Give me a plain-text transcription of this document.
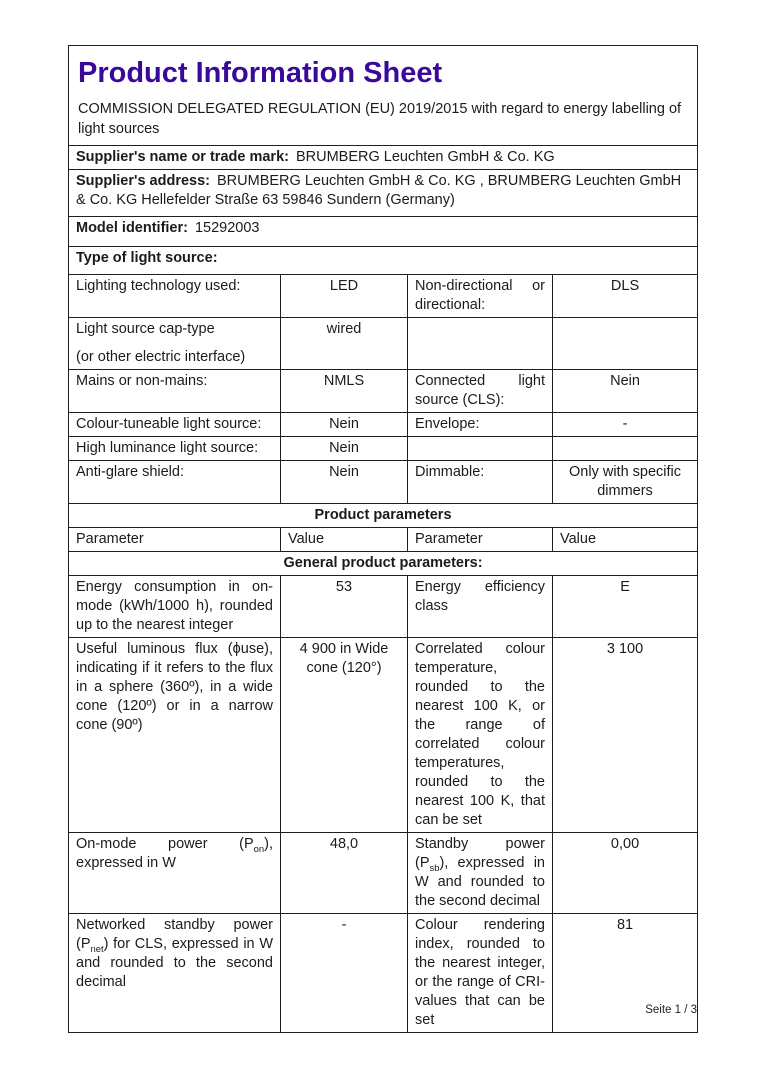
Product Information Sheet
COMMISSION DELEGATED REGULATION (EU) 2019/2015 with regard to energy labelling of light sources			

Supplier's name or trade mark: BRUMBERG Leuchten GmbH & Co. KG			
Supplier's address: BRUMBERG Leuchten GmbH & Co. KG , BRUMBERG Leuchten GmbH & Co. KG Hellefelder Straße 63 59846 Sundern (Germany)			
Model identifier: 15292003			
Type of light source:			
Lighting technology used:	LED	Non-directional or directional:	DLS

Light source cap-type
(or other electric interface)	wired		
Mains or non-mains:	NMLS	Connected light source (CLS):	Nein
Colour-tuneable light source:	Nein	Envelope:	-
High luminance light source:	Nein		
Anti-glare shield:	Nein	Dimmable:	Only with specific dimmers
Product parameters			
Parameter	Value	Parameter	Value
General product parameters:			
Energy consumption in on-mode (kWh/1000 h), rounded up to the nearest integer	53	Energy efficiency class	E
Useful luminous flux (ϕuse), indicating if it refers to the flux in a sphere (360º), in a wide cone (120º) or in a narrow cone (90º)	4 900 in Wide cone (120°)	Correlated colour temperature, rounded to the nearest 100 K, or the range of correlated colour temperatures, rounded to the nearest 100 K, that can be set	3 100
On-mode power $(P_{on})$, expressed in W	48,0	Standby power $(P_{sb})$, expressed in W and rounded to the second decimal	0,00
Networked standby power $(P_{net})$ for CLS, expressed in W and rounded to the second decimal	-	Colour rendering index, rounded to the nearest integer, or the range of CRI-values that can be set	81
Seite 1 / 3
